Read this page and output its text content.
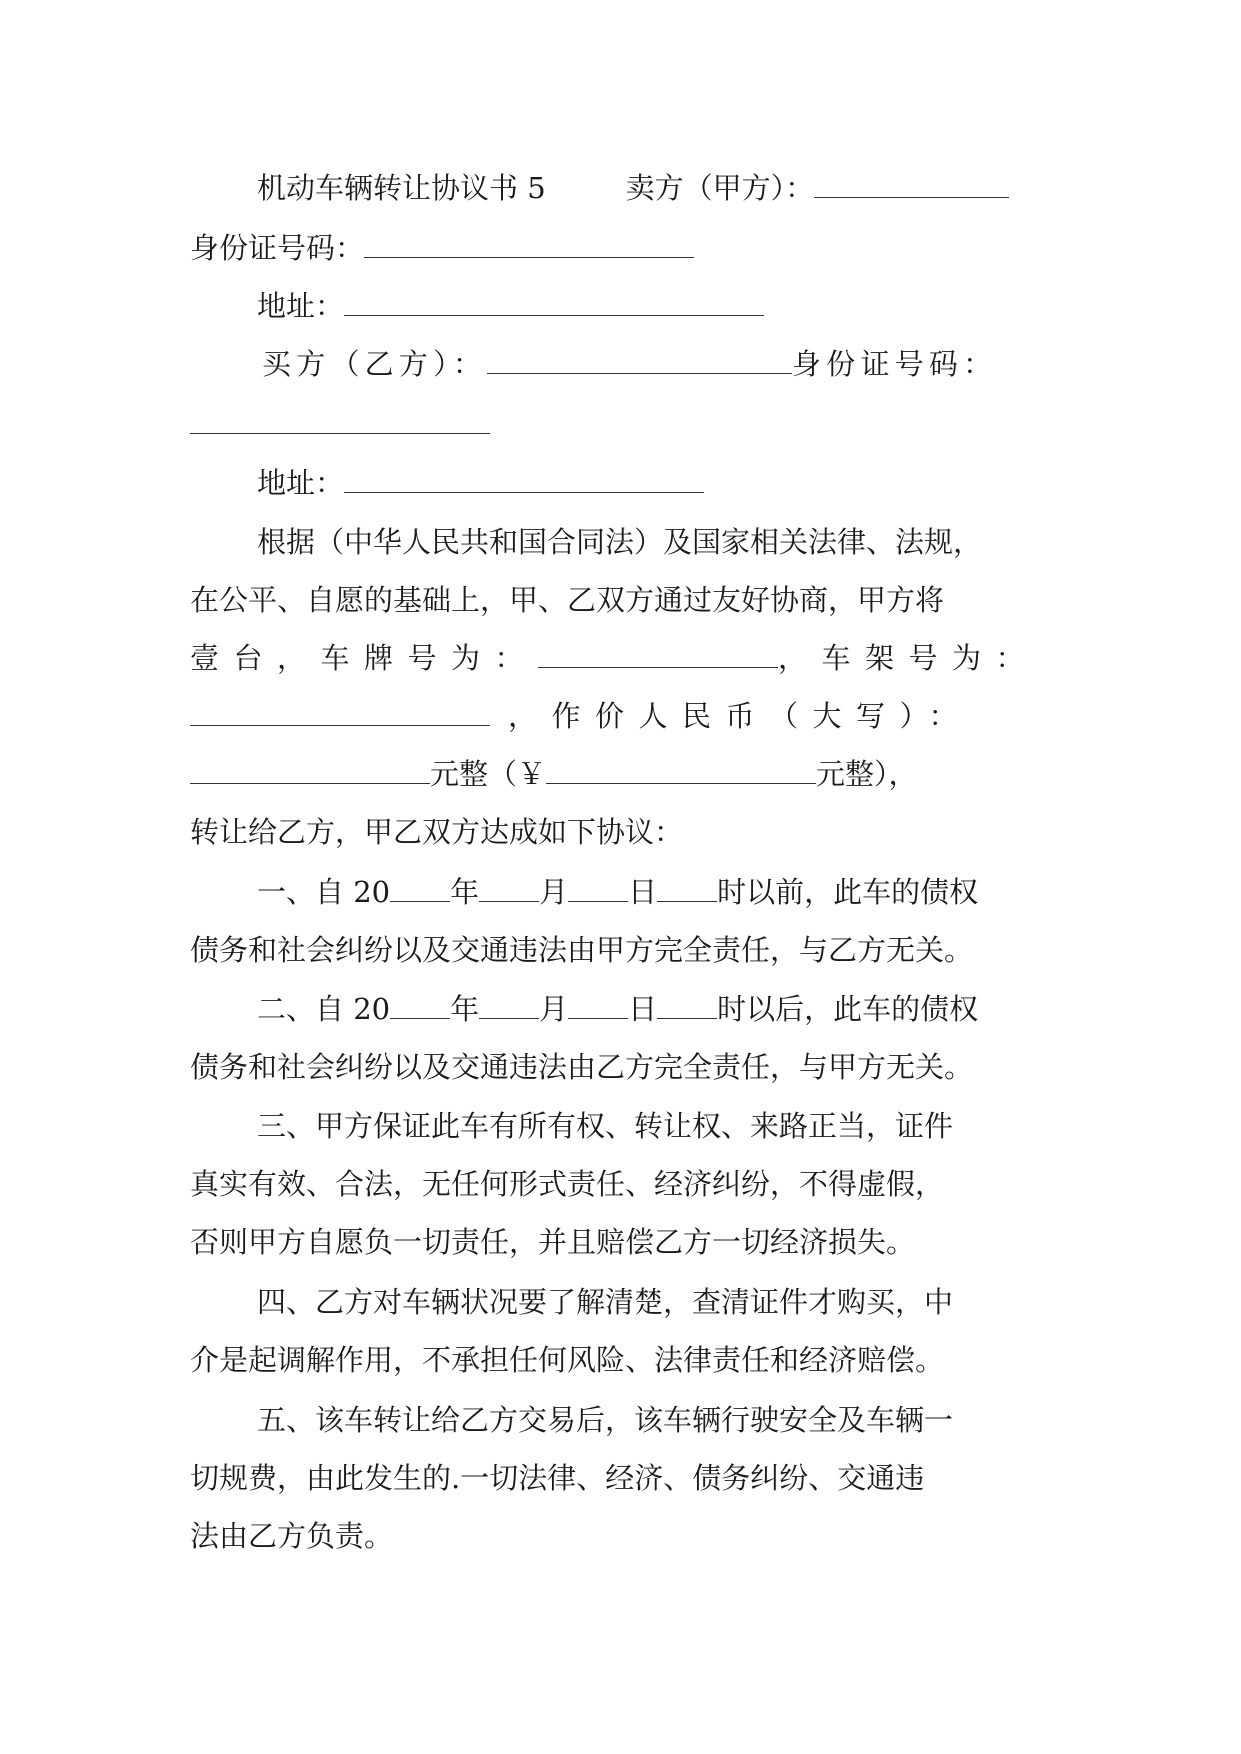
机动车辆转让协议书 5	卖方（甲方）：
身份证号码：
地址：
买方（乙方）：	身份证号码：
地址：
根据（中华人民共和国合同法）及国家相关法律、法规，
在公平、自愿的基础上，甲、乙双方通过友好协商，甲方将
壹台，车牌号为：	，车架号为：
，作价人民币（大写）：
元整（￥	元整），
转让给乙方，甲乙双方达成如下协议：
一、自 20 年 月 日 时以前，此车的债权
债务和社会纠纷以及交通违法由甲方完全责任，与乙方无关。
二、自 20 年 月 日 时以后，此车的债权
债务和社会纠纷以及交通违法由乙方完全责任，与甲方无关。
三、甲方保证此车有所有权、转让权、来路正当，证件
真实有效、合法，无任何形式责任、经济纠纷，不得虚假，
否则甲方自愿负一切责任，并且赔偿乙方一切经济损失。
四、乙方对车辆状况要了解清楚，查清证件才购买，中
介是起调解作用，不承担任何风险、法律责任和经济赔偿。
五、该车转让给乙方交易后，该车辆行驶安全及车辆一
切规费，由此发生的.一切法律、经济、债务纠纷、交通违
法由乙方负责。
